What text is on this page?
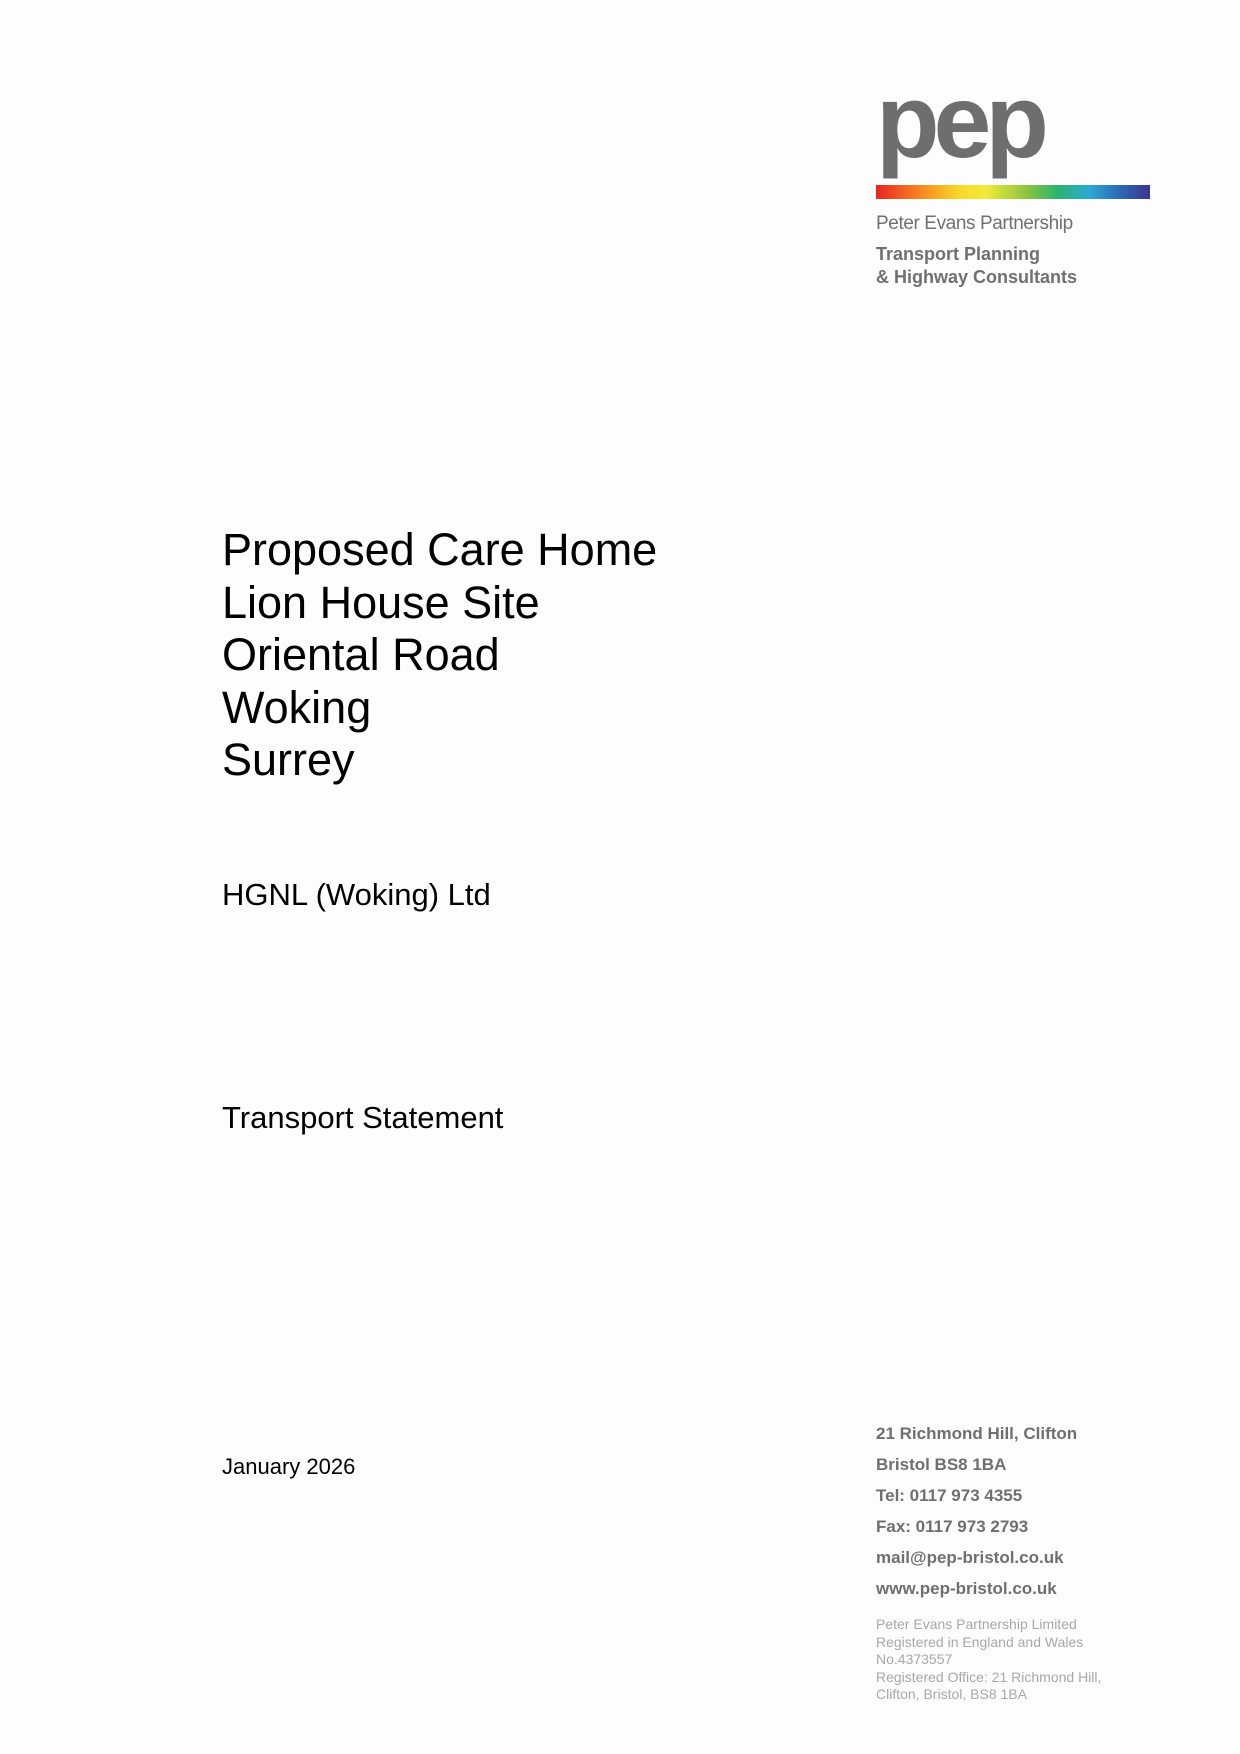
pep
Peter Evans Partnership
Transport Planning
& Highway Consultants
Proposed Care Home
Lion House Site
Oriental Road
Woking
Surrey
HGNL (Woking) Ltd
Transport Statement
January 2026
21 Richmond Hill, Clifton
Bristol BS8 1BA
Tel: 0117 973 4355
Fax: 0117 973 2793
mail@pep-bristol.co.uk
www.pep-bristol.co.uk
Peter Evans Partnership Limited
Registered in England and Wales
No.4373557
Registered Office: 21 Richmond Hill,
Clifton, Bristol, BS8 1BA
